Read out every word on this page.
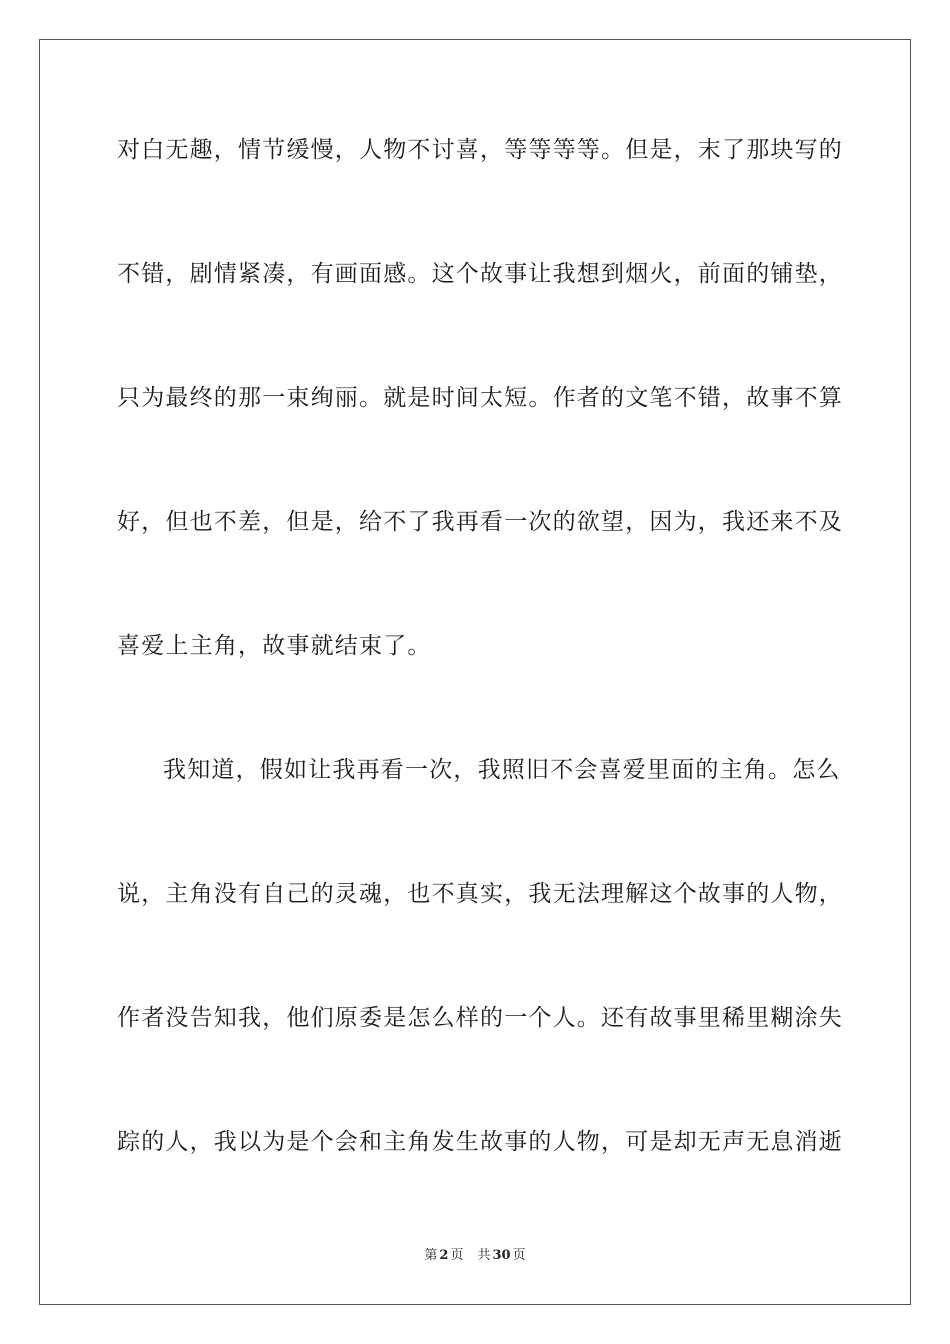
对白无趣，情节缓慢，人物不讨喜，等等等等。但是，末了那块写的
不错，剧情紧凑，有画面感。这个故事让我想到烟火，前面的铺垫，
只为最终的那一束绚丽。就是时间太短。作者的文笔不错，故事不算
好，但也不差，但是，给不了我再看一次的欲望，因为，我还来不及
喜爱上主角，故事就结束了。
我知道，假如让我再看一次，我照旧不会喜爱里面的主角。怎么
说，主角没有自己的灵魂，也不真实，我无法理解这个故事的人物，
作者没告知我，他们原委是怎么样的一个人。还有故事里稀里糊涂失
踪的人，我以为是个会和主角发生故事的人物，可是却无声无息消逝
第 2 页 共 30 页
